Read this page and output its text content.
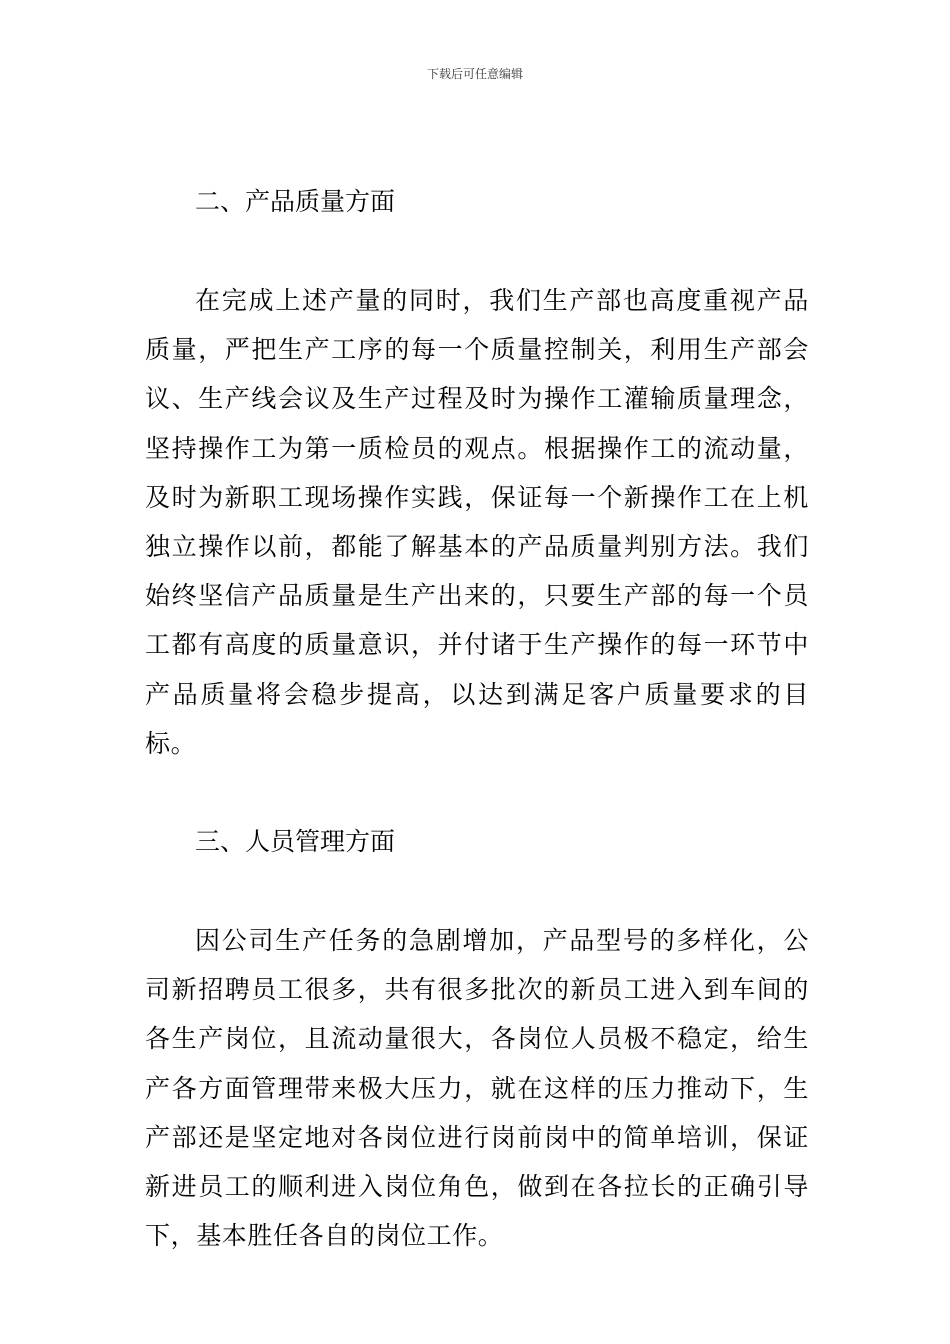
下载后可任意编辑
二、产品质量方面

在完成上述产量的同时，我们生产部也高度重视产品质量，严把生产工序的每一个质量控制关，利用生产部会议、生产线会议及生产过程及时为操作工灌输质量理念，坚持操作工为第一质检员的观点。根据操作工的流动量，及时为新职工现场操作实践，保证每一个新操作工在上机独立操作以前，都能了解基本的产品质量判别方法。我们始终坚信产品质量是生产出来的，只要生产部的每一个员工都有高度的质量意识，并付诸于生产操作的每一环节中产品质量将会稳步提高，以达到满足客户质量要求的目标。

三、人员管理方面

因公司生产任务的急剧增加，产品型号的多样化，公司新招聘员工很多，共有很多批次的新员工进入到车间的各生产岗位，且流动量很大，各岗位人员极不稳定，给生产各方面管理带来极大压力，就在这样的压力推动下，生产部还是坚定地对各岗位进行岗前岗中的简单培训，保证新进员工的顺利进入岗位角色，做到在各拉长的正确引导下，基本胜任各自的岗位工作。
